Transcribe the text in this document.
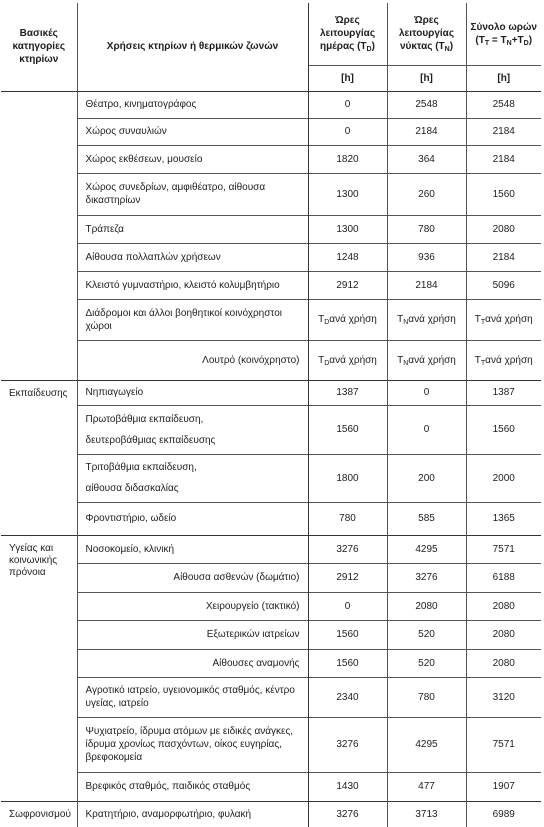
Βασικές κατηγορίες κτηρίων	Χρήσεις κτηρίων ή θερμικών ζωνών	Ώρες λειτουργίας ημέρας $(T_D)$	Ώρες λειτουργίας νύκτας $(T_N)$	Σύνολο ωρών
$(T_T = T_N+T_D)$
		[h]	[h]	[h]
	Θέατρο, κινηματογράφος	0	2548	2548
	Χώρος συναυλιών	0	2184	2184
	Χώρος εκθέσεων, μουσείο	1820	364	2184
	Χώρος συνεδρίων, αμφιθέατρο, αίθουσα δικαστηρίων	1300	260	1560
	Τράπεζα	1300	780	2080
	Αίθουσα πολλαπλών χρήσεων	1248	936	2184
	Κλειστό γυμναστήριο, κλειστό κολυμβητήριο	2912	2184	5096
	Διάδρομοι και άλλοι βοηθητικοί κοινόχρηστοι χώροι	$T_D\alpha\nu ά$ χρήση	$T_N\alpha\nu ά$ χρήση	$T_T\alpha\nu ά$ χρήση
	Λουτρό (κοινόχρηστο)	$T_D\alpha\nu ά$ χρήση	$T_N\alpha\nu ά$ χρήση	$T_T\alpha\nu ά$ χρήση
Εκπαίδευσης	Νηπιαγωγείο	1387	0	1387
	Πρωτοβάθμια εκπαίδευση,
δευτεροβάθμιας εκπαίδευσης	1560	0	1560
	Τριτοβάθμια εκπαίδευση,
αίθουσα διδασκαλίας	1800	200	2000
	Φροντιστήριο, ωδείο	780	585	1365
Υγείας και κοινωνικής πρόνοια	Νοσοκομείο, κλινική	3276	4295	7571
	Αίθουσα ασθενών (δωμάτιο)	2912	3276	6188
	Χειρουργείο (τακτικό)	0	2080	2080
	Εξωτερικών ιατρείων	1560	520	2080
	Αίθουσες αναμονής	1560	520	2080
	Αγροτικό ιατρείο, υγειονομικός σταθμός, κέντρο υγείας, ιατρείο	2340	780	3120
	Ψυχιατρείο, ίδρυμα ατόμων με ειδικές ανάγκες, ίδρυμα χρονίως πασχόντων, οίκος ευγηρίας, βρεφοκομεία	3276	4295	7571
	Βρεφικός σταθμός, παιδικός σταθμός	1430	477	1907
Σωφρονισμού	Κρατητήριο, αναμορφωτήριο, φυλακή	3276	3713	6989
